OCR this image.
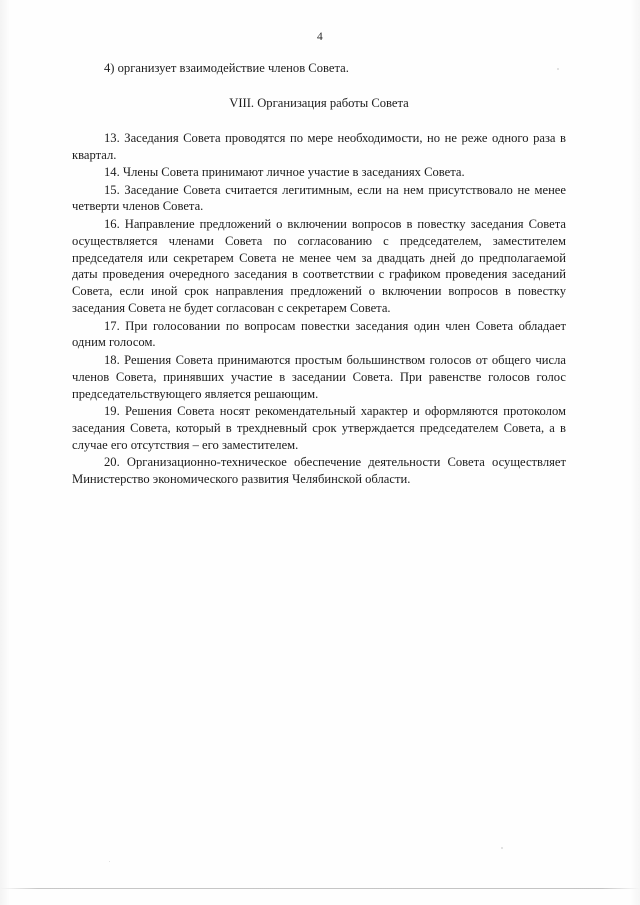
4

4) организует взаимодействие членов Совета.

VIII. Организация работы Совета

13. Заседания Совета проводятся по мере необходимости, но не реже одного раза в квартал.

14. Члены Совета принимают личное участие в заседаниях Совета.

15. Заседание Совета считается легитимным, если на нем присутствовало не менее четверти членов Совета.

16. Направление предложений о включении вопросов в повестку заседания Совета осуществляется членами Совета по согласованию с председателем, заместителем председателя или секретарем Совета не менее чем за двадцать дней до предполагаемой даты проведения очередного заседания в соответствии с графиком проведения заседаний Совета, если иной срок направления предложений о включении вопросов в повестку заседания Совета не будет согласован с секретарем Совета.

17. При голосовании по вопросам повестки заседания один член Совета обладает одним голосом.

18. Решения Совета принимаются простым большинством голосов от общего числа членов Совета, принявших участие в заседании Совета. При равенстве голосов голос председательствующего является решающим.

19. Решения Совета носят рекомендательный характер и оформляются протоколом заседания Совета, который в трехдневный срок утверждается председателем Совета, а в случае его отсутствия – его заместителем.

20. Организационно-техническое обеспечение деятельности Совета осуществляет Министерство экономического развития Челябинской области.
